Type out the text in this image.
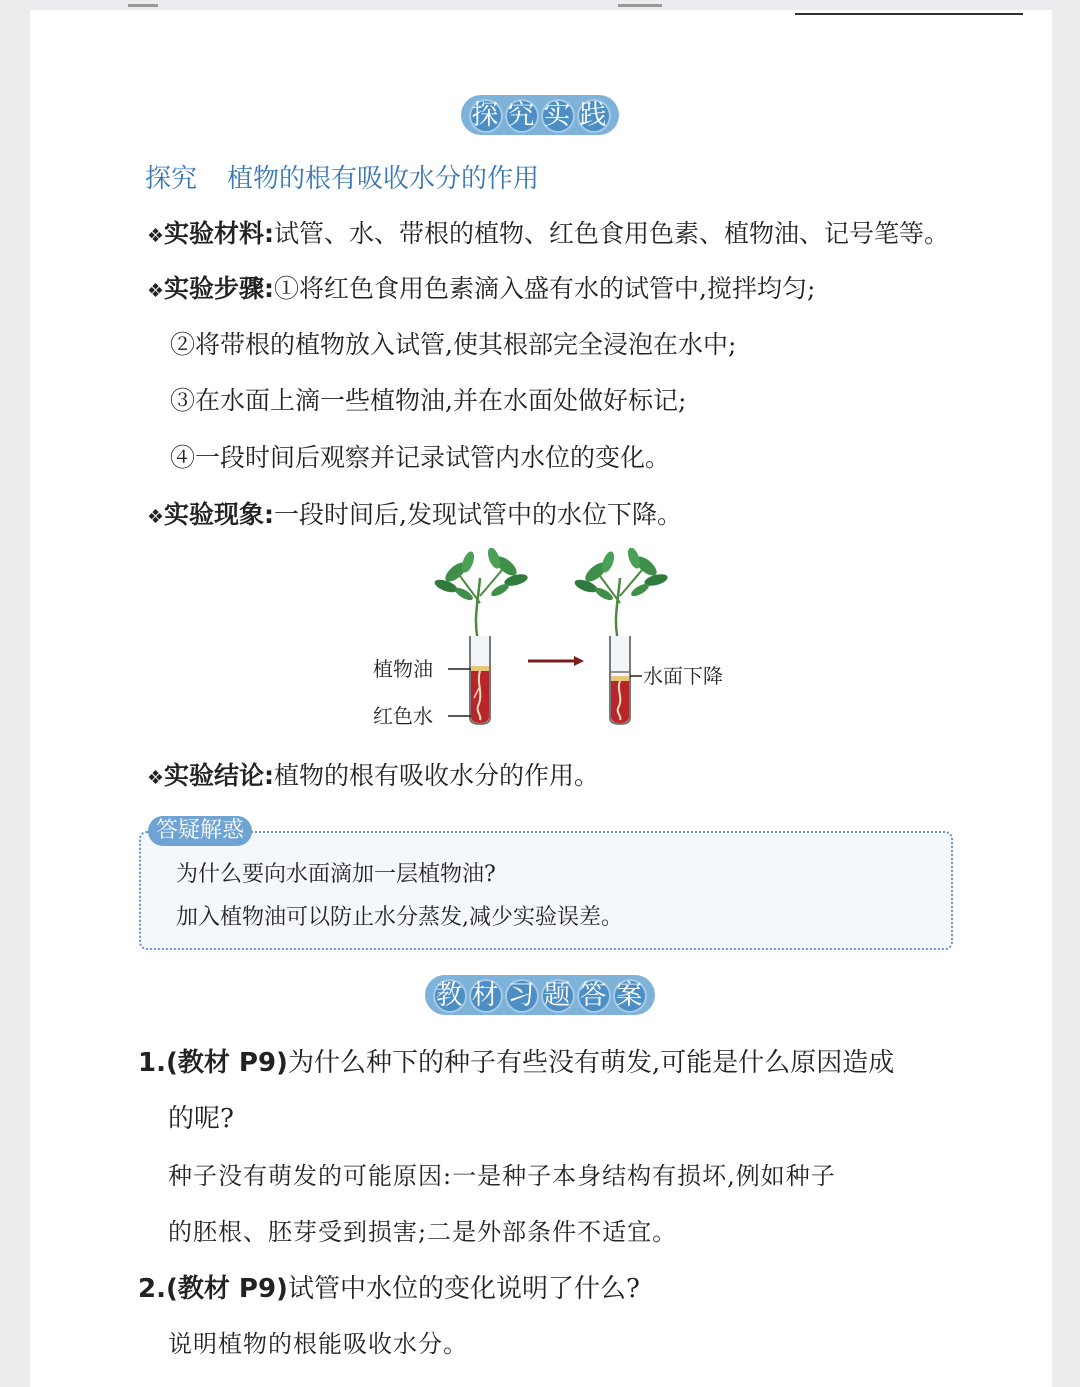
探 究 实 践
探究 植物的根有吸收水分的作用
❖实验材料:试管、水、带根的植物、红色食用色素、植物油、记号笔等。
❖实验步骤:①将红色食用色素滴入盛有水的试管中,搅拌均匀;
②将带根的植物放入试管,使其根部完全浸泡在水中;
③在水面上滴一些植物油,并在水面处做好标记;
④一段时间后观察并记录试管内水位的变化。
❖实验现象:一段时间后,发现试管中的水位下降。
植物油
红色水
水面下降
❖实验结论:植物的根有吸收水分的作用。
答疑解惑
为什么要向水面滴加一层植物油?
加入植物油可以防止水分蒸发,减少实验误差。
教 材 习 题 答 案
1.(教材 P9)为什么种下的种子有些没有萌发,可能是什么原因造成
的呢?
种子没有萌发的可能原因:一是种子本身结构有损坏,例如种子
的胚根、胚芽受到损害;二是外部条件不适宜。
2.(教材 P9)试管中水位的变化说明了什么?
说明植物的根能吸收水分。
